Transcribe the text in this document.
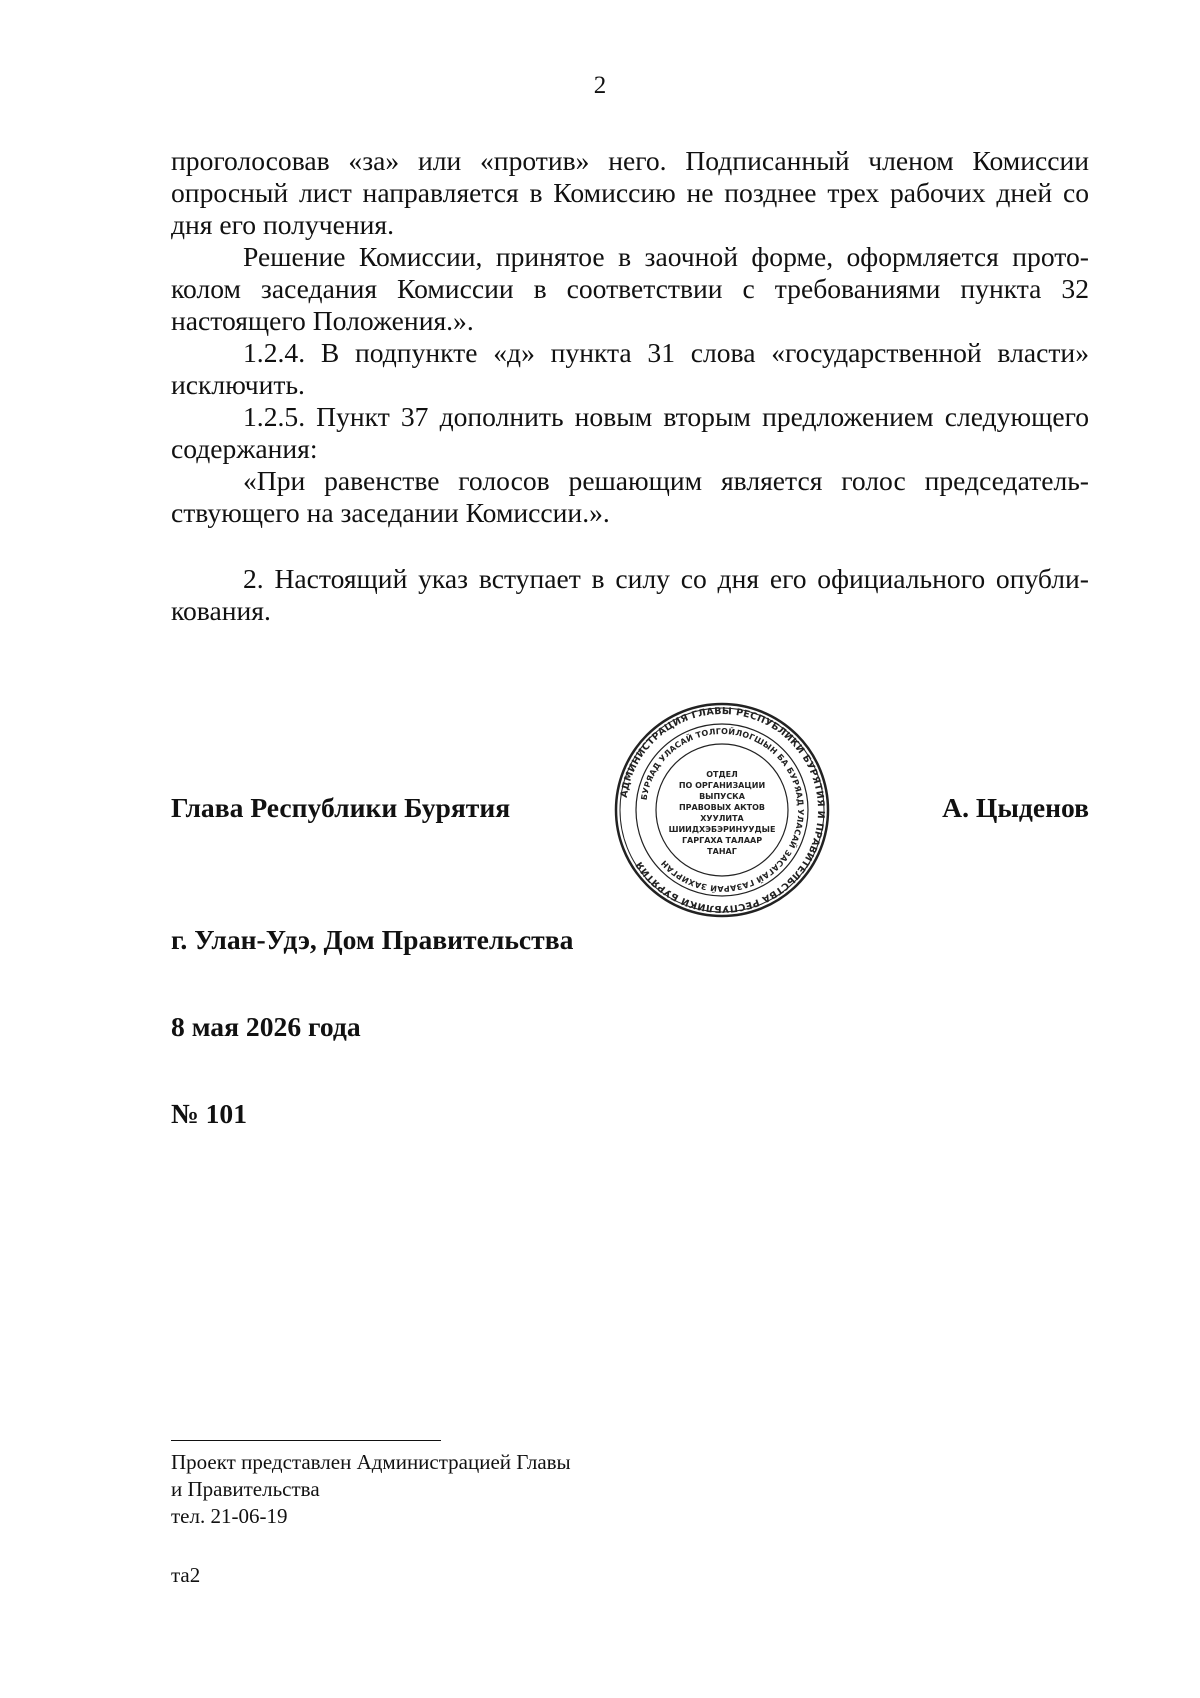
2

проголосовав «за» или «против» него. Подписанный членом Комиссии опросный лист направляется в Комиссию не позднее трех рабочих дней со дня его получения.

Решение Комиссии, принятое в заочной форме, оформляется протоколом заседания Комиссии в соответствии с требованиями пункта 32 настоящего Положения.».

1.2.4. В подпункте «д» пункта 31 слова «государственной власти» исключить.

1.2.5. Пункт 37 дополнить новым вторым предложением следующего содержания:

«При равенстве голосов решающим является голос председательствующего на заседании Комиссии.».

2. Настоящий указ вступает в силу со дня его официального опубликования.

Глава Республики Бурятия	А. Цыденов
АДМИНИСТРАЦИЯ ГЛАВЫ РЕСПУБЛИКИ БУРЯТИЯ И ПРАВИТЕЛЬСТВА РЕСПУБЛИКИ БУРЯТИЯ
БУРЯАД УЛАСАЙ ТОЛГОЙЛОГШЫН БА БУРЯАД УЛАСАЙ ЗАСАГАЙ ГАЗАРАЙ ЗАХИРГАН
ОТДЕЛ
ПО ОРГАНИЗАЦИИ
ВЫПУСКА
ПРАВОВЫХ АКТОВ
ХУУЛИТА
ШИИДХЭБЭРИНУУДЫЕ
ГАРГАХА ТАЛААР
ТАНАГ
г. Улан-Удэ, Дом Правительства
8 мая 2026 года
№ 101
Проект представлен Администрацией Главы
и Правительства
тел. 21-06-19
та2
